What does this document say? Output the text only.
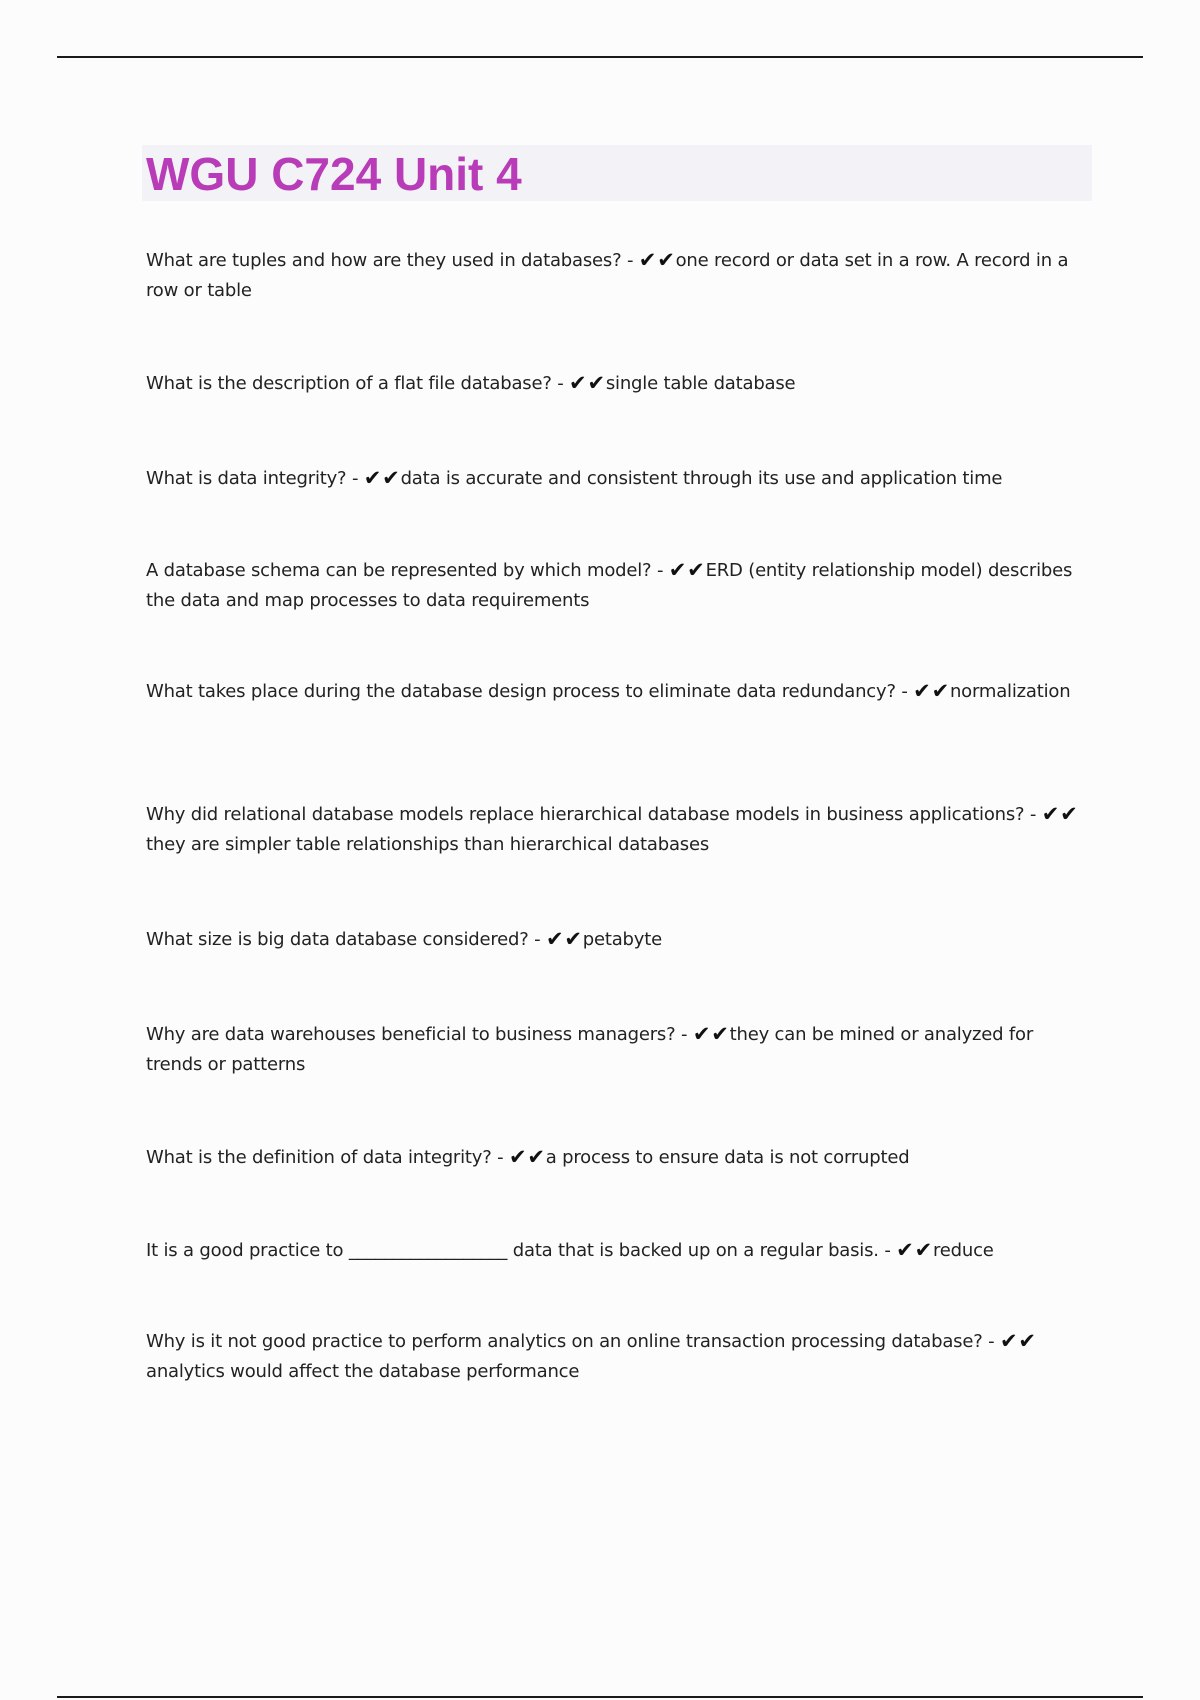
WGU C724 Unit 4

What are tuples and how are they used in databases? - ✔✔one record or data set in a row. A record in a row or table

What is the description of a flat file database? - ✔✔single table database

What is data integrity? - ✔✔data is accurate and consistent through its use and application time

A database schema can be represented by which model? - ✔✔ERD (entity relationship model) describes the data and map processes to data requirements

What takes place during the database design process to eliminate data redundancy? - ✔✔normalization

Why did relational database models replace hierarchical database models in business applications? - ✔✔they are simpler table relationships than hierarchical databases

What size is big data database considered? - ✔✔petabyte

Why are data warehouses beneficial to business managers? - ✔✔they can be mined or analyzed for trends or patterns

What is the definition of data integrity? - ✔✔a process to ensure data is not corrupted

It is a good practice to __________________ data that is backed up on a regular basis. - ✔✔reduce

Why is it not good practice to perform analytics on an online transaction processing database? - ✔✔analytics would affect the database performance
